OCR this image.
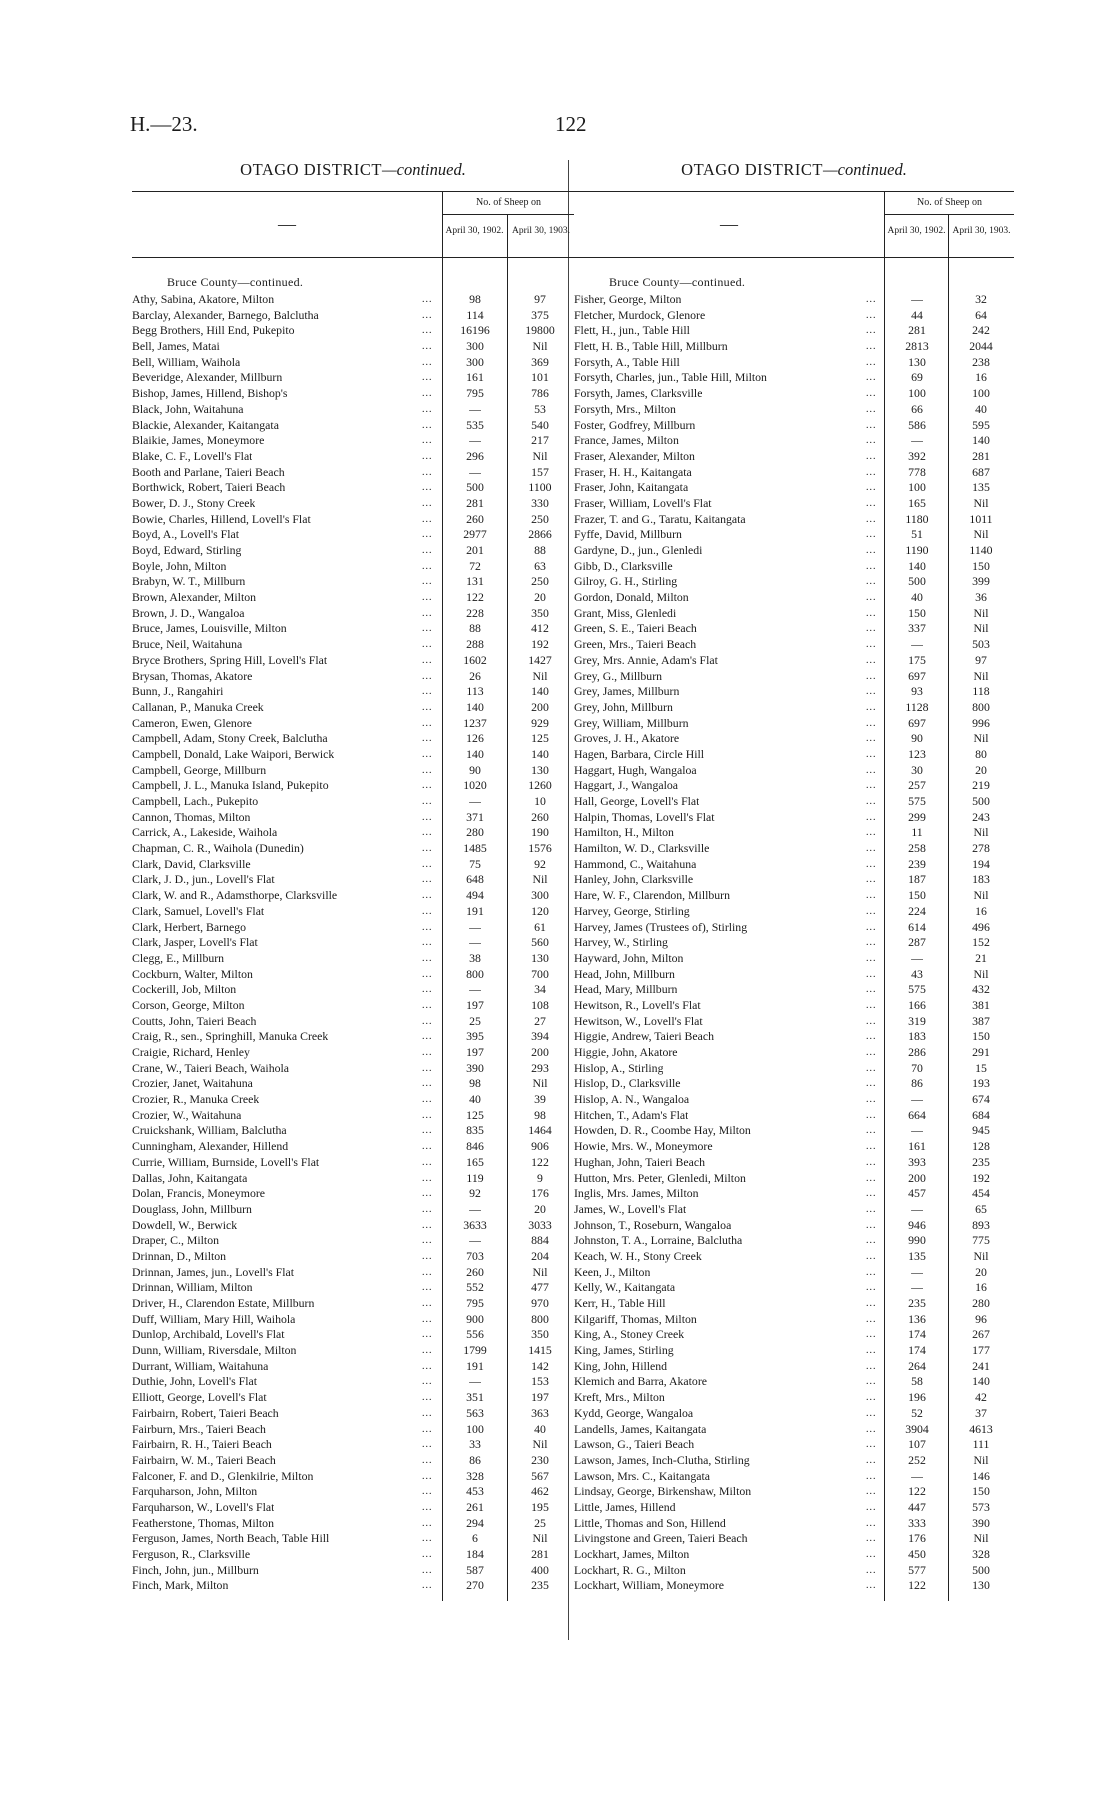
H.—23.	122
OTAGO DISTRICT—continued.
—
No. of Sheep on
April 30, 1902. April 30, 1903.
Bruce County—continued.
Athy, Sabina, Akatore, Milton	...	98	97
Barclay, Alexander, Barnego, Balclutha	...	114	375
Begg Brothers, Hill End, Pukepito	...	16196	19800
Bell, James, Matai	...	300	Nil
Bell, William, Waihola	...	300	369
Beveridge, Alexander, Millburn	...	161	101
Bishop, James, Hillend, Bishop's	...	795	786
Black, John, Waitahuna	...	—	53
Blackie, Alexander, Kaitangata	...	535	540
Blaikie, James, Moneymore	...	—	217
Blake, C. F., Lovell's Flat	...	296	Nil
Booth and Parlane, Taieri Beach	...	—	157
Borthwick, Robert, Taieri Beach	...	500	1100
Bower, D. J., Stony Creek	...	281	330
Bowie, Charles, Hillend, Lovell's Flat	...	260	250
Boyd, A., Lovell's Flat	...	2977	2866
Boyd, Edward, Stirling	...	201	88
Boyle, John, Milton	...	72	63
Brabyn, W. T., Millburn	...	131	250
Brown, Alexander, Milton	...	122	20
Brown, J. D., Wangaloa	...	228	350
Bruce, James, Louisville, Milton	...	88	412
Bruce, Neil, Waitahuna	...	288	192
Bryce Brothers, Spring Hill, Lovell's Flat	...	1602	1427
Brysan, Thomas, Akatore	...	26	Nil
Bunn, J., Rangahiri	...	113	140
Callanan, P., Manuka Creek	...	140	200
Cameron, Ewen, Glenore	...	1237	929
Campbell, Adam, Stony Creek, Balclutha	...	126	125
Campbell, Donald, Lake Waipori, Berwick	...	140	140
Campbell, George, Millburn	...	90	130
Campbell, J. L., Manuka Island, Pukepito	...	1020	1260
Campbell, Lach., Pukepito	...	—	10
Cannon, Thomas, Milton	...	371	260
Carrick, A., Lakeside, Waihola	...	280	190
Chapman, C. R., Waihola (Dunedin)	...	1485	1576
Clark, David, Clarksville	...	75	92
Clark, J. D., jun., Lovell's Flat	...	648	Nil
Clark, W. and R., Adamsthorpe, Clarksville	...	494	300
Clark, Samuel, Lovell's Flat	...	191	120
Clark, Herbert, Barnego	...	—	61
Clark, Jasper, Lovell's Flat	...	—	560
Clegg, E., Millburn	...	38	130
Cockburn, Walter, Milton	...	800	700
Cockerill, Job, Milton	...	—	34
Corson, George, Milton	...	197	108
Coutts, John, Taieri Beach	...	25	27
Craig, R., sen., Springhill, Manuka Creek	...	395	394
Craigie, Richard, Henley	...	197	200
Crane, W., Taieri Beach, Waihola	...	390	293
Crozier, Janet, Waitahuna	...	98	Nil
Crozier, R., Manuka Creek	...	40	39
Crozier, W., Waitahuna	...	125	98
Cruickshank, William, Balclutha	...	835	1464
Cunningham, Alexander, Hillend	...	846	906
Currie, William, Burnside, Lovell's Flat	...	165	122
Dallas, John, Kaitangata	...	119	9
Dolan, Francis, Moneymore	...	92	176
Douglass, John, Millburn	...	—	20
Dowdell, W., Berwick	...	3633	3033
Draper, C., Milton	...	—	884
Drinnan, D., Milton	...	703	204
Drinnan, James, jun., Lovell's Flat	...	260	Nil
Drinnan, William, Milton	...	552	477
Driver, H., Clarendon Estate, Millburn	...	795	970
Duff, William, Mary Hill, Waihola	...	900	800
Dunlop, Archibald, Lovell's Flat	...	556	350
Dunn, William, Riversdale, Milton	...	1799	1415
Durrant, William, Waitahuna	...	191	142
Duthie, John, Lovell's Flat	...	—	153
Elliott, George, Lovell's Flat	...	351	197
Fairbairn, Robert, Taieri Beach	...	563	363
Fairburn, Mrs., Taieri Beach	...	100	40
Fairbairn, R. H., Taieri Beach	...	33	Nil
Fairbairn, W. M., Taieri Beach	...	86	230
Falconer, F. and D., Glenkilrie, Milton	...	328	567
Farquharson, John, Milton	...	453	462
Farquharson, W., Lovell's Flat	...	261	195
Featherstone, Thomas, Milton	...	294	25
Ferguson, James, North Beach, Table Hill	...	6	Nil
Ferguson, R., Clarksville	...	184	281
Finch, John, jun., Millburn	...	587	400
Finch, Mark, Milton	...	270	235
OTAGO DISTRICT—continued.
—
No. of Sheep on
April 30, 1902. April 30, 1903.
Bruce County—continued.
Fisher, George, Milton	...	—	32
Fletcher, Murdock, Glenore	...	44	64
Flett, H., jun., Table Hill	...	281	242
Flett, H. B., Table Hill, Millburn	...	2813	2044
Forsyth, A., Table Hill	...	130	238
Forsyth, Charles, jun., Table Hill, Milton	...	69	16
Forsyth, James, Clarksville	...	100	100
Forsyth, Mrs., Milton	...	66	40
Foster, Godfrey, Millburn	...	586	595
France, James, Milton	...	—	140
Fraser, Alexander, Milton	...	392	281
Fraser, H. H., Kaitangata	...	778	687
Fraser, John, Kaitangata	...	100	135
Fraser, William, Lovell's Flat	...	165	Nil
Frazer, T. and G., Taratu, Kaitangata	...	1180	1011
Fyffe, David, Millburn	...	51	Nil
Gardyne, D., jun., Glenledi	...	1190	1140
Gibb, D., Clarksville	...	140	150
Gilroy, G. H., Stirling	...	500	399
Gordon, Donald, Milton	...	40	36
Grant, Miss, Glenledi	...	150	Nil
Green, S. E., Taieri Beach	...	337	Nil
Green, Mrs., Taieri Beach	...	—	503
Grey, Mrs. Annie, Adam's Flat	...	175	97
Grey, G., Millburn	...	697	Nil
Grey, James, Millburn	...	93	118
Grey, John, Millburn	...	1128	800
Grey, William, Millburn	...	697	996
Groves, J. H., Akatore	...	90	Nil
Hagen, Barbara, Circle Hill	...	123	80
Haggart, Hugh, Wangaloa	...	30	20
Haggart, J., Wangaloa	...	257	219
Hall, George, Lovell's Flat	...	575	500
Halpin, Thomas, Lovell's Flat	...	299	243
Hamilton, H., Milton	...	11	Nil
Hamilton, W. D., Clarksville	...	258	278
Hammond, C., Waitahuna	...	239	194
Hanley, John, Clarksville	...	187	183
Hare, W. F., Clarendon, Millburn	...	150	Nil
Harvey, George, Stirling	...	224	16
Harvey, James (Trustees of), Stirling	...	614	496
Harvey, W., Stirling	...	287	152
Hayward, John, Milton	...	—	21
Head, John, Millburn	...	43	Nil
Head, Mary, Millburn	...	575	432
Hewitson, R., Lovell's Flat	...	166	381
Hewitson, W., Lovell's Flat	...	319	387
Higgie, Andrew, Taieri Beach	...	183	150
Higgie, John, Akatore	...	286	291
Hislop, A., Stirling	...	70	15
Hislop, D., Clarksville	...	86	193
Hislop, A. N., Wangaloa	...	—	674
Hitchen, T., Adam's Flat	...	664	684
Howden, D. R., Coombe Hay, Milton	...	—	945
Howie, Mrs. W., Moneymore	...	161	128
Hughan, John, Taieri Beach	...	393	235
Hutton, Mrs. Peter, Glenledi, Milton	...	200	192
Inglis, Mrs. James, Milton	...	457	454
James, W., Lovell's Flat	...	—	65
Johnson, T., Roseburn, Wangaloa	...	946	893
Johnston, T. A., Lorraine, Balclutha	...	990	775
Keach, W. H., Stony Creek	...	135	Nil
Keen, J., Milton	...	—	20
Kelly, W., Kaitangata	...	—	16
Kerr, H., Table Hill	...	235	280
Kilgariff, Thomas, Milton	...	136	96
King, A., Stoney Creek	...	174	267
King, James, Stirling	...	174	177
King, John, Hillend	...	264	241
Klemich and Barra, Akatore	...	58	140
Kreft, Mrs., Milton	...	196	42
Kydd, George, Wangaloa	...	52	37
Landells, James, Kaitangata	...	3904	4613
Lawson, G., Taieri Beach	...	107	111
Lawson, James, Inch-Clutha, Stirling	...	252	Nil
Lawson, Mrs. C., Kaitangata	...	—	146
Lindsay, George, Birkenshaw, Milton	...	122	150
Little, James, Hillend	...	447	573
Little, Thomas and Son, Hillend	...	333	390
Livingstone and Green, Taieri Beach	...	176	Nil
Lockhart, James, Milton	...	450	328
Lockhart, R. G., Milton	...	577	500
Lockhart, William, Moneymore	...	122	130
